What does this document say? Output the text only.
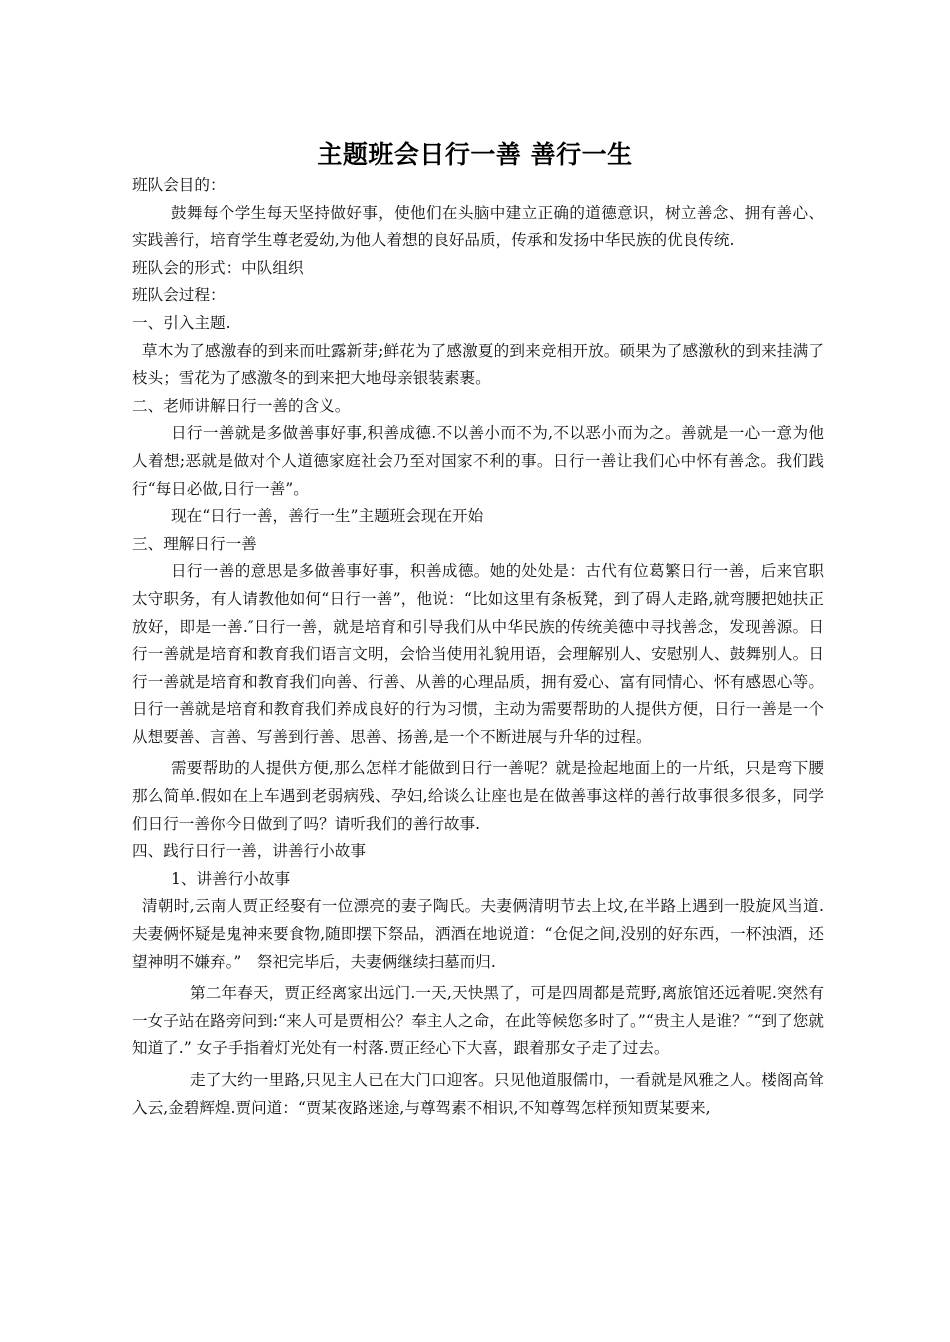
主题班会日行一善 善行一生

班队会目的：

鼓舞每个学生每天坚持做好事，使他们在头脑中建立正确的道德意识，树立善念、拥有善心、实践善行，培育学生尊老爱幼,为他人着想的良好品质，传承和发扬中华民族的优良传统.

班队会的形式：中队组织

班队会过程：

一、引入主题.

草木为了感激春的到来而吐露新芽;鲜花为了感激夏的到来竞相开放。硕果为了感激秋的到来挂满了枝头；雪花为了感激冬的到来把大地母亲银装素裹。

二、老师讲解日行一善的含义。

日行一善就是多做善事好事,积善成德.不以善小而不为,不以恶小而为之。善就是一心一意为他人着想;恶就是做对个人道德家庭社会乃至对国家不利的事。日行一善让我们心中怀有善念。我们践行“每日必做,日行一善”。

现在“日行一善，善行一生”主题班会现在开始

三、理解日行一善

日行一善的意思是多做善事好事，积善成德。她的处处是：古代有位葛繁日行一善，后来官职太守职务，有人请教他如何“日行一善”，他说：“比如这里有条板凳，到了碍人走路,就弯腰把她扶正放好，即是一善.″日行一善，就是培育和引导我们从中华民族的传统美德中寻找善念，发现善源。日行一善就是培育和教育我们语言文明，会恰当使用礼貌用语，会理解别人、安慰别人、鼓舞别人。日行一善就是培育和教育我们向善、行善、从善的心理品质，拥有爱心、富有同情心、怀有感恩心等。日行一善就是培育和教育我们养成良好的行为习惯，主动为需要帮助的人提供方便，日行一善是一个从想要善、言善、写善到行善、思善、扬善,是一个不断进展与升华的过程。

需要帮助的人提供方便,那么怎样才能做到日行一善呢？就是捡起地面上的一片纸，只是弯下腰那么简单.假如在上车遇到老弱病残、孕妇,给谈么让座也是在做善事这样的善行故事很多很多，同学们日行一善你今日做到了吗？请听我们的善行故事.

四、践行日行一善，讲善行小故事

1、讲善行小故事

清朝时,云南人贾正经娶有一位漂亮的妻子陶氏。夫妻俩清明节去上坟,在半路上遇到一股旋风当道.夫妻俩怀疑是鬼神来要食物,随即摆下祭品，洒酒在地说道：“仓促之间,没别的好东西，一杯浊酒，还望神明不嫌弃。”　祭祀完毕后，夫妻俩继续扫墓而归.

第二年春天，贾正经离家出远门.一天,天快黑了，可是四周都是荒野,离旅馆还远着呢.突然有一女子站在路旁问到:“来人可是贾相公？奉主人之命，在此等候您多时了。”“贵主人是谁？″“到了您就知道了.” 女子手指着灯光处有一村落.贾正经心下大喜，跟着那女子走了过去。

走了大约一里路,只见主人已在大门口迎客。只见他道服儒巾，一看就是风雅之人。楼阁高耸入云,金碧辉煌.贾问道：“贾某夜路迷途,与尊驾素不相识,不知尊驾怎样预知贾某要来,
